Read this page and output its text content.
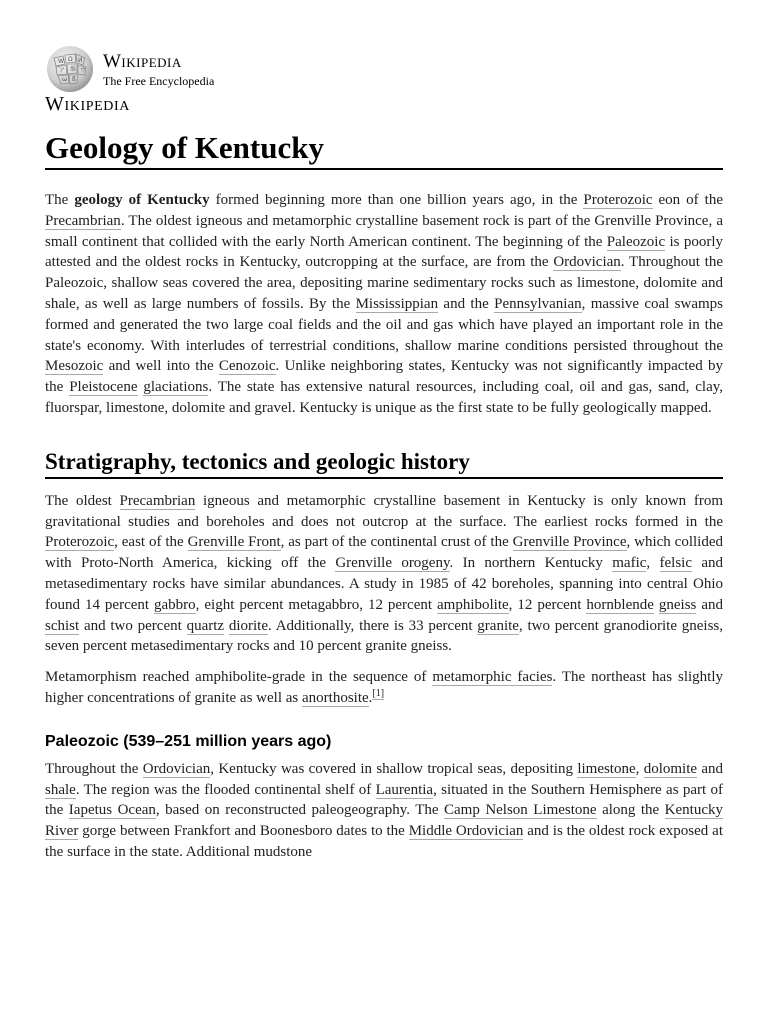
W Ω И
ア 维 ウ
ω ß
Wikipedia
The Free Encyclopedia
Wikipedia
Geology of Kentucky

The geology of Kentucky formed beginning more than one billion years ago, in the Proterozoic eon of the Precambrian. The oldest igneous and metamorphic crystalline basement rock is part of the Grenville Province, a small continent that collided with the early North American continent. The beginning of the Paleozoic is poorly attested and the oldest rocks in Kentucky, outcropping at the surface, are from the Ordovician. Throughout the Paleozoic, shallow seas covered the area, depositing marine sedimentary rocks such as limestone, dolomite and shale, as well as large numbers of fossils. By the Mississippian and the Pennsylvanian, massive coal swamps formed and generated the two large coal fields and the oil and gas which have played an important role in the state's economy. With interludes of terrestrial conditions, shallow marine conditions persisted throughout the Mesozoic and well into the Cenozoic. Unlike neighboring states, Kentucky was not significantly impacted by the Pleistocene glaciations. The state has extensive natural resources, including coal, oil and gas, sand, clay, fluorspar, limestone, dolomite and gravel. Kentucky is unique as the first state to be fully geologically mapped.

Stratigraphy, tectonics and geologic history

The oldest Precambrian igneous and metamorphic crystalline basement in Kentucky is only known from gravitational studies and boreholes and does not outcrop at the surface. The earliest rocks formed in the Proterozoic, east of the Grenville Front, as part of the continental crust of the Grenville Province, which collided with Proto-North America, kicking off the Grenville orogeny. In northern Kentucky mafic, felsic and metasedimentary rocks have similar abundances. A study in 1985 of 42 boreholes, spanning into central Ohio found 14 percent gabbro, eight percent metagabbro, 12 percent amphibolite, 12 percent hornblende gneiss and schist and two percent quartz diorite. Additionally, there is 33 percent granite, two percent granodiorite gneiss, seven percent metasedimentary rocks and 10 percent granite gneiss.

Metamorphism reached amphibolite-grade in the sequence of metamorphic facies. The northeast has slightly higher concentrations of granite as well as anorthosite.[1]

Paleozoic (539–251 million years ago)

Throughout the Ordovician, Kentucky was covered in shallow tropical seas, depositing limestone, dolomite and shale. The region was the flooded continental shelf of Laurentia, situated in the Southern Hemisphere as part of the Iapetus Ocean, based on reconstructed paleogeography. The Camp Nelson Limestone along the Kentucky River gorge between Frankfort and Boonesboro dates to the Middle Ordovician and is the oldest rock exposed at the surface in the state. Additional mudstone
